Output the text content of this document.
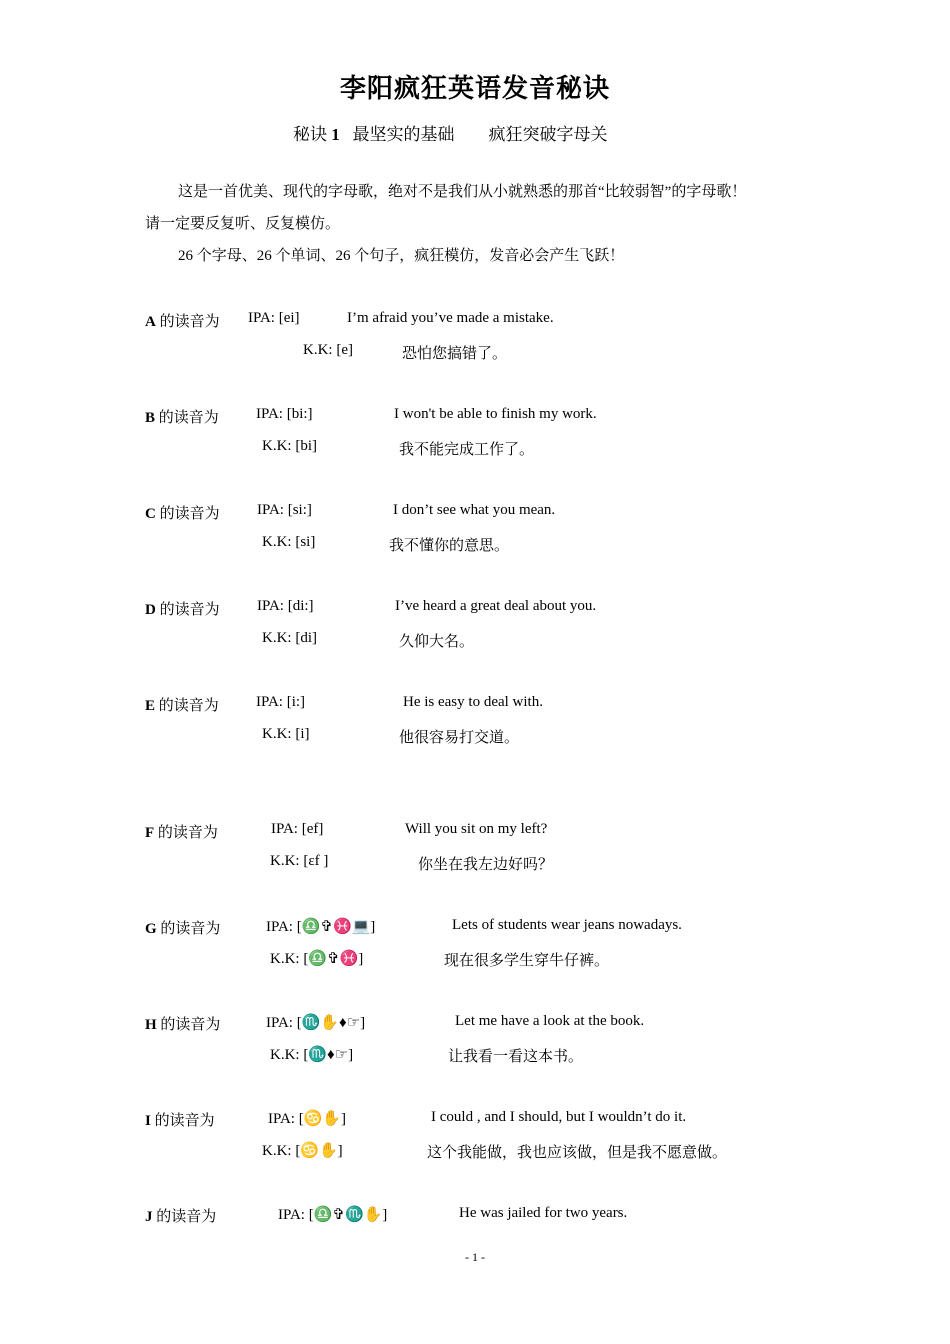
李阳疯狂英语发音秘诀
秘诀 1 最坚实的基础 疯狂突破字母关
这是一首优美、现代的字母歌，绝对不是我们从小就熟悉的那首“比较弱智”的字母歌！
请一定要反复听、反复模仿。
26 个字母、26 个单词、26 个句子，疯狂模仿，发音必会产生飞跃！
A 的读音为 IPA: [ei]	I’m afraid you’ve made a mistake.
K.K: [e]	恐怕您搞错了。
B 的读音为 IPA: [bi:]	I won't be able to finish my work.
K.K: [bi]	我不能完成工作了。
C 的读音为 IPA: [si:]	I don’t see what you mean.
K.K: [si]	我不懂你的意思。
D 的读音为 IPA: [di:]	I’ve heard a great deal about you.
K.K: [di]	久仰大名。
E 的读音为 IPA: [i:]	He is easy to deal with.
K.K: [i]	他很容易打交道。
F 的读音为	IPA: [ef]	Will you sit on my left?
K.K: [ɛf ]	你坐在我左边好吗？
G 的读音为	IPA: [♎✞♓💻]	Lets of students wear jeans nowadays.
K.K: [♎✞♓]	现在很多学生穿牛仔裤。
H 的读音为	IPA: [♏✋♦☞]	Let me have a look at the book.
K.K: [♏♦☞]	让我看一看这本书。
I 的读音为	IPA: [♋✋]	I could , and I should, but I wouldn’t do it.
K.K: [♋✋]	这个我能做，我也应该做，但是我不愿意做。
J 的读音为	IPA: [♎✞♏✋]	He was jailed for two years.
- 1 -
